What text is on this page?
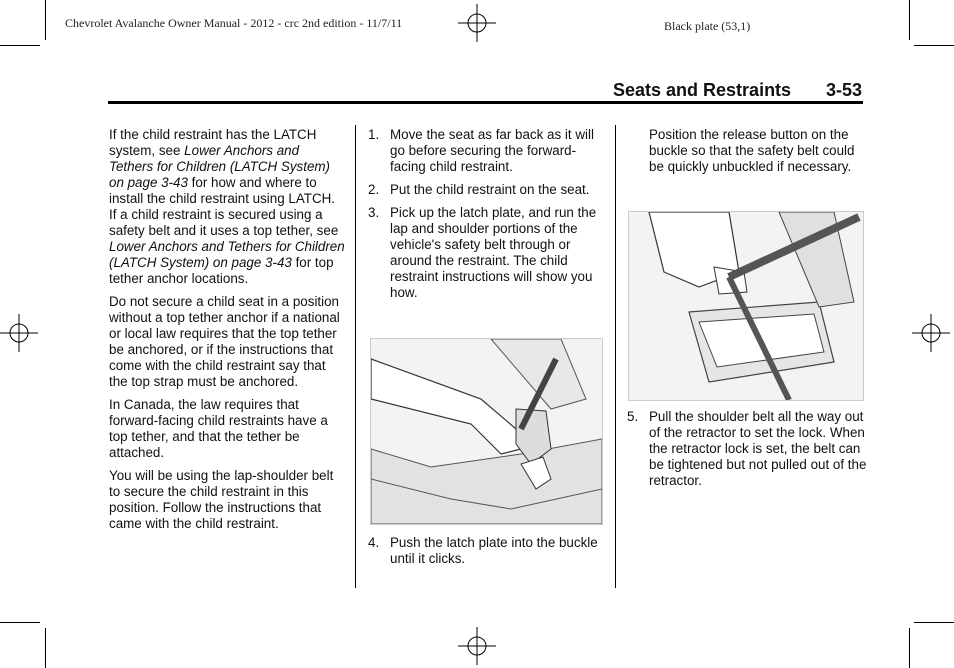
Chevrolet Avalanche Owner Manual - 2012 - crc 2nd edition - 11/7/11	Black plate (53,1)
Seats and Restraints 3-53

If the child restraint has the LATCH system, see Lower Anchors and Tethers for Children (LATCH System) on page 3-43 for how and where to install the child restraint using LATCH. If a child restraint is secured using a safety belt and it uses a top tether, see Lower Anchors and Tethers for Children (LATCH System) on page 3-43 for top tether anchor locations.

Do not secure a child seat in a position without a top tether anchor if a national or local law requires that the top tether be anchored, or if the instructions that come with the child restraint say that the top strap must be anchored.

In Canada, the law requires that forward-facing child restraints have a top tether, and that the tether be attached.

You will be using the lap-shoulder belt to secure the child restraint in this position. Follow the instructions that came with the child restraint.

1. Move the seat as far back as it will go before securing the forward-facing child restraint.
2. Put the child restraint on the seat.
3. Pick up the latch plate, and run the lap and shoulder portions of the vehicle's safety belt through or around the restraint. The child restraint instructions will show you how.
4. Push the latch plate into the buckle until it clicks.

Position the release button on the buckle so that the safety belt could be quickly unbuckled if necessary.

5. Pull the shoulder belt all the way out of the retractor to set the lock. When the retractor lock is set, the belt can be tightened but not pulled out of the retractor.
